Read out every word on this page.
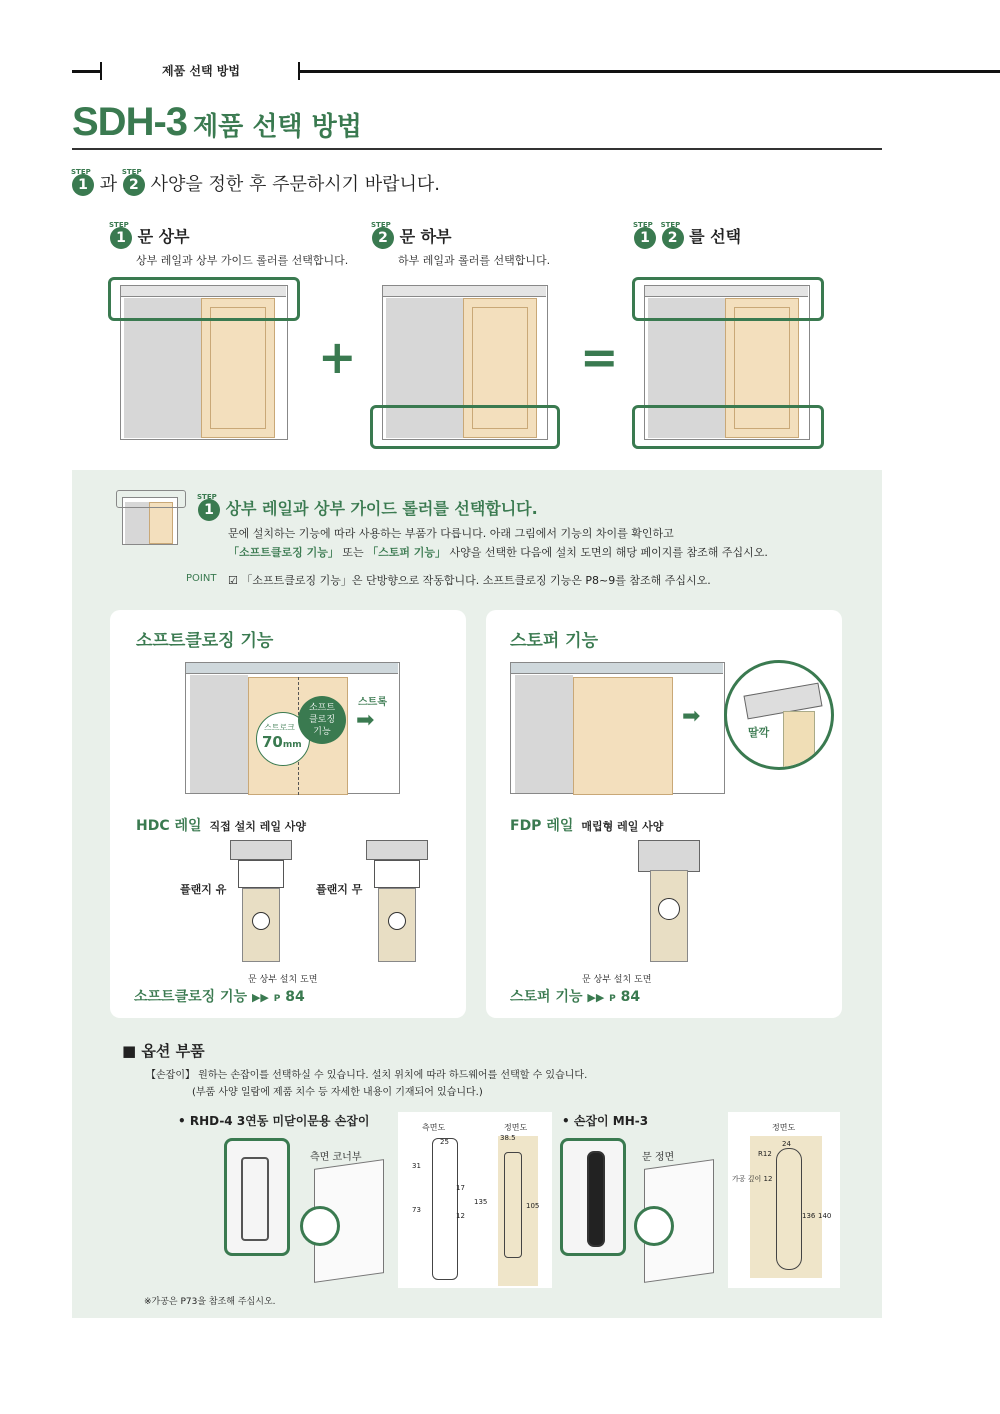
제품 선택 방법
SDH-3 제품 선택 방법
STEP
1 과
STEP
2 사양을 정한 후 주문하시기 바랍니다.
STEP
1 문 상부
상부 레일과 상부 가이드 롤러를 선택합니다.
STEP
2 문 하부
하부 레일과 롤러를 선택합니다.
STEP
1
STEP
2 를 선택
+	=
STEP
1 상부 레일과 상부 가이드 롤러를 선택합니다.
문에 설치하는 기능에 따라 사용하는 부품가 다릅니다. 아래 그림에서 기능의 차이를 확인하고
「소프트클로징 기능」 또는 「스토퍼 기능」 사양을 선택한 다음에 설치 도면의 해당 페이지를 참조해 주십시오.
POINT ☑ 「소프트클로징 기능」은 단방향으로 작동합니다. 소프트클로징 기능은 P8~9를 참조해 주십시오.
소프트클로징 기능
스트로크
70mm
소프트
클로징
기능
스트록
➡
HDC 레일 직접 설치 레일 사양
플랜지 유	플랜지 무
문 상부 설치 도면
소프트클로징 기능 ▶▶ P 84
스토퍼 기능
➡
딸깍
FDP 레일 매립형 레일 사양
문 상부 설치 도면
스토퍼 기능 ▶▶ P 84
■ 옵션 부품
【손잡이】 원하는 손잡이를 선택하실 수 있습니다. 설치 위치에 따라 하드웨어를 선택할 수 있습니다.
(부품 사양 일람에 제품 치수 등 자세한 내용이 기재되어 있습니다.)
• RHD-4 3연동 미닫이문용 손잡이
측면 코너부
측면도	정면도
25	38.5
135	105
73
17
12
31
• 손잡이 MH-3
문 정면
정면도
24
R12
가공 깊이 12
136 140
※가공은 P73을 참조해 주십시오.
